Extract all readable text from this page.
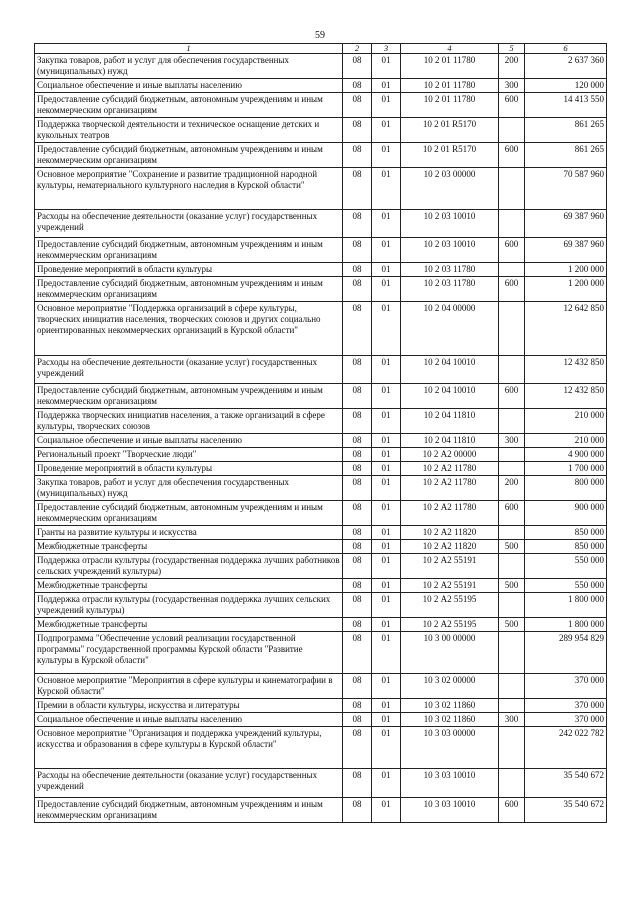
59
1	2	3	4	5	6
Закупка товаров, работ и услуг для обеспечения государственных (муниципальных) нужд	08	01	10 2 01 11780	200	2 637 360
Социальное обеспечение и иные выплаты населению	08	01	10 2 01 11780	300	120 000
Предоставление субсидий бюджетным, автономным учреждениям и иным некоммерческим организациям	08	01	10 2 01 11780	600	14 413 550
Поддержка творческой деятельности и техническое оснащение детских и кукольных театров	08	01	10 2 01 R5170		861 265
Предоставление субсидий бюджетным, автономным учреждениям и иным некоммерческим организациям	08	01	10 2 01 R5170	600	861 265
Основное мероприятие "Сохранение и развитие традиционной народной культуры, нематериального культурного наследия в Курской области"	08	01	10 2 03 00000		70 587 960
Расходы на обеспечение деятельности (оказание услуг) государственных учреждений	08	01	10 2 03 10010		69 387 960
Предоставление субсидий бюджетным, автономным учреждениям и иным некоммерческим организациям	08	01	10 2 03 10010	600	69 387 960
Проведение мероприятий в области культуры	08	01	10 2 03 11780		1 200 000
Предоставление субсидий бюджетным, автономным учреждениям и иным некоммерческим организациям	08	01	10 2 03 11780	600	1 200 000
Основное мероприятие "Поддержка организаций в сфере культуры, творческих инициатив населения, творческих союзов и других социально ориентированных некоммерческих организаций в Курской области"	08	01	10 2 04 00000		12 642 850
Расходы на обеспечение деятельности (оказание услуг) государственных учреждений	08	01	10 2 04 10010		12 432 850
Предоставление субсидий бюджетным, автономным учреждениям и иным некоммерческим организациям	08	01	10 2 04 10010	600	12 432 850
Поддержка творческих инициатив населения, а также организаций в сфере культуры, творческих союзов	08	01	10 2 04 11810		210 000
Социальное обеспечение и иные выплаты населению	08	01	10 2 04 11810	300	210 000
Региональный проект "Творческие люди"	08	01	10 2 А2 00000		4 900 000
Проведение мероприятий в области культуры	08	01	10 2 А2 11780		1 700 000
Закупка товаров, работ и услуг для обеспечения государственных (муниципальных) нужд	08	01	10 2 А2 11780	200	800 000
Предоставление субсидий бюджетным, автономным учреждениям и иным некоммерческим организациям	08	01	10 2 А2 11780	600	900 000
Гранты на развитие культуры и искусства	08	01	10 2 А2 11820		850 000
Межбюджетные трансферты	08	01	10 2 А2 11820	500	850 000
Поддержка отрасли культуры (государственная поддержка лучших работников сельских учреждений культуры)	08	01	10 2 А2 55191		550 000
Межбюджетные трансферты	08	01	10 2 А2 55191	500	550 000
Поддержка отрасли культуры (государственная поддержка лучших сельских учреждений культуры)	08	01	10 2 А2 55195		1 800 000
Межбюджетные трансферты	08	01	10 2 А2 55195	500	1 800 000
Подпрограмма "Обеспечение условий реализации государственной программы" государственной программы Курской области "Развитие культуры в Курской области"	08	01	10 3 00 00000		289 954 829
Основное мероприятие "Мероприятия в сфере культуры и кинематографии в Курской области"	08	01	10 3 02 00000		370 000
Премии в области культуры, искусства и литературы	08	01	10 3 02 11860		370 000
Социальное обеспечение и иные выплаты населению	08	01	10 3 02 11860	300	370 000
Основное мероприятие "Организация и поддержка учреждений культуры, искусства и образования в сфере культуры в Курской области"	08	01	10 3 03 00000		242 022 782
Расходы на обеспечение деятельности (оказание услуг) государственных учреждений	08	01	10 3 03 10010		35 540 672
Предоставление субсидий бюджетным, автономным учреждениям и иным некоммерческим организациям	08	01	10 3 03 10010	600	35 540 672
